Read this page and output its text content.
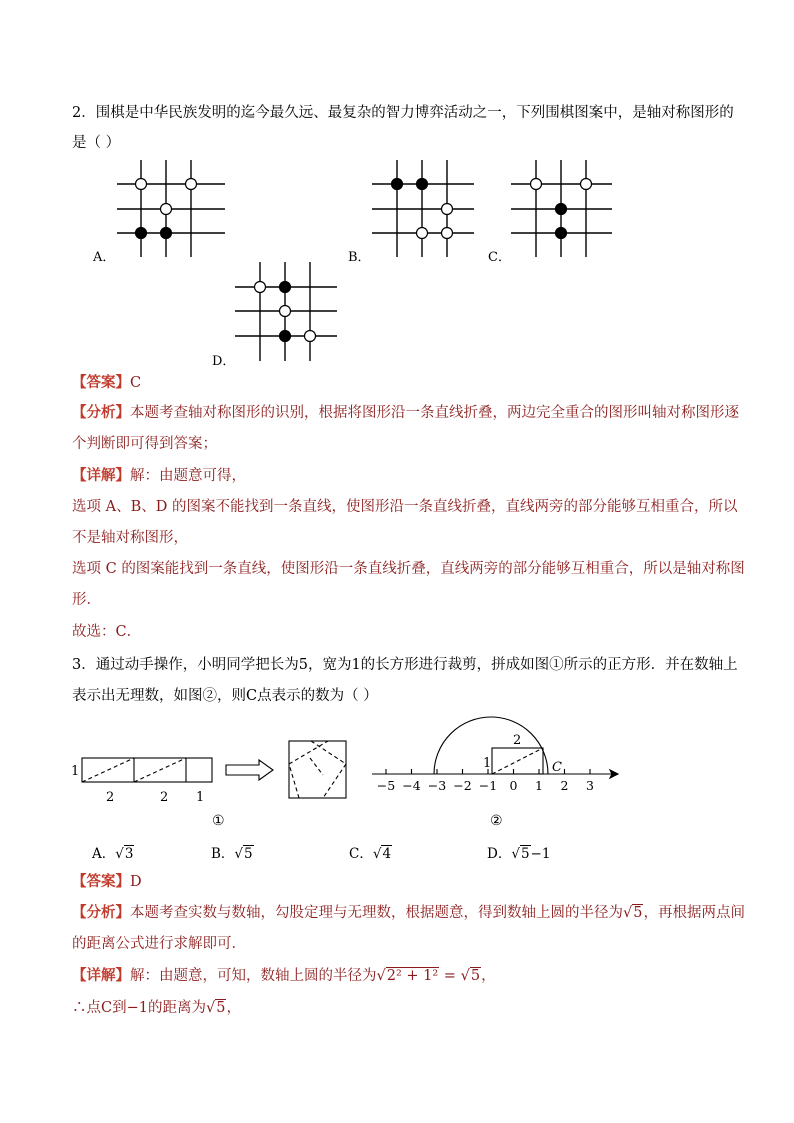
2．围棋是中华民族发明的迄今最久远、最复杂的智力博弈活动之一，下列围棋图案中，是轴对称图形的
是（ ）
A．	B．	C．
D．
【答案】C
【分析】本题考查轴对称图形的识别，根据将图形沿一条直线折叠，两边完全重合的图形叫轴对称图形逐
个判断即可得到答案；
【详解】解：由题意可得，
选项 A、B、D 的图案不能找到一条直线，使图形沿一条直线折叠，直线两旁的部分能够互相重合，所以
不是轴对称图形，
选项 C 的图案能找到一条直线，使图形沿一条直线折叠，直线两旁的部分能够互相重合，所以是轴对称图
形．
故选：C．
3．通过动手操作，小明同学把长为5，宽为1的长方形进行裁剪，拼成如图①所示的正方形．并在数轴上
表示出无理数，如图②，则C点表示的数为（ ）
1
2	2 1
①
−5 −4 −3 −2 −1 0 1 2 3
2
1	C
②
A．√3	B．√5	C．√4	D．√5−1
【答案】D
【分析】本题考查实数与数轴，勾股定理与无理数，根据题意，得到数轴上圆的半径为√5，再根据两点间
的距离公式进行求解即可．
【详解】解：由题意，可知，数轴上圆的半径为√2² + 1² = √5，
∴点C到−1的距离为√5，
